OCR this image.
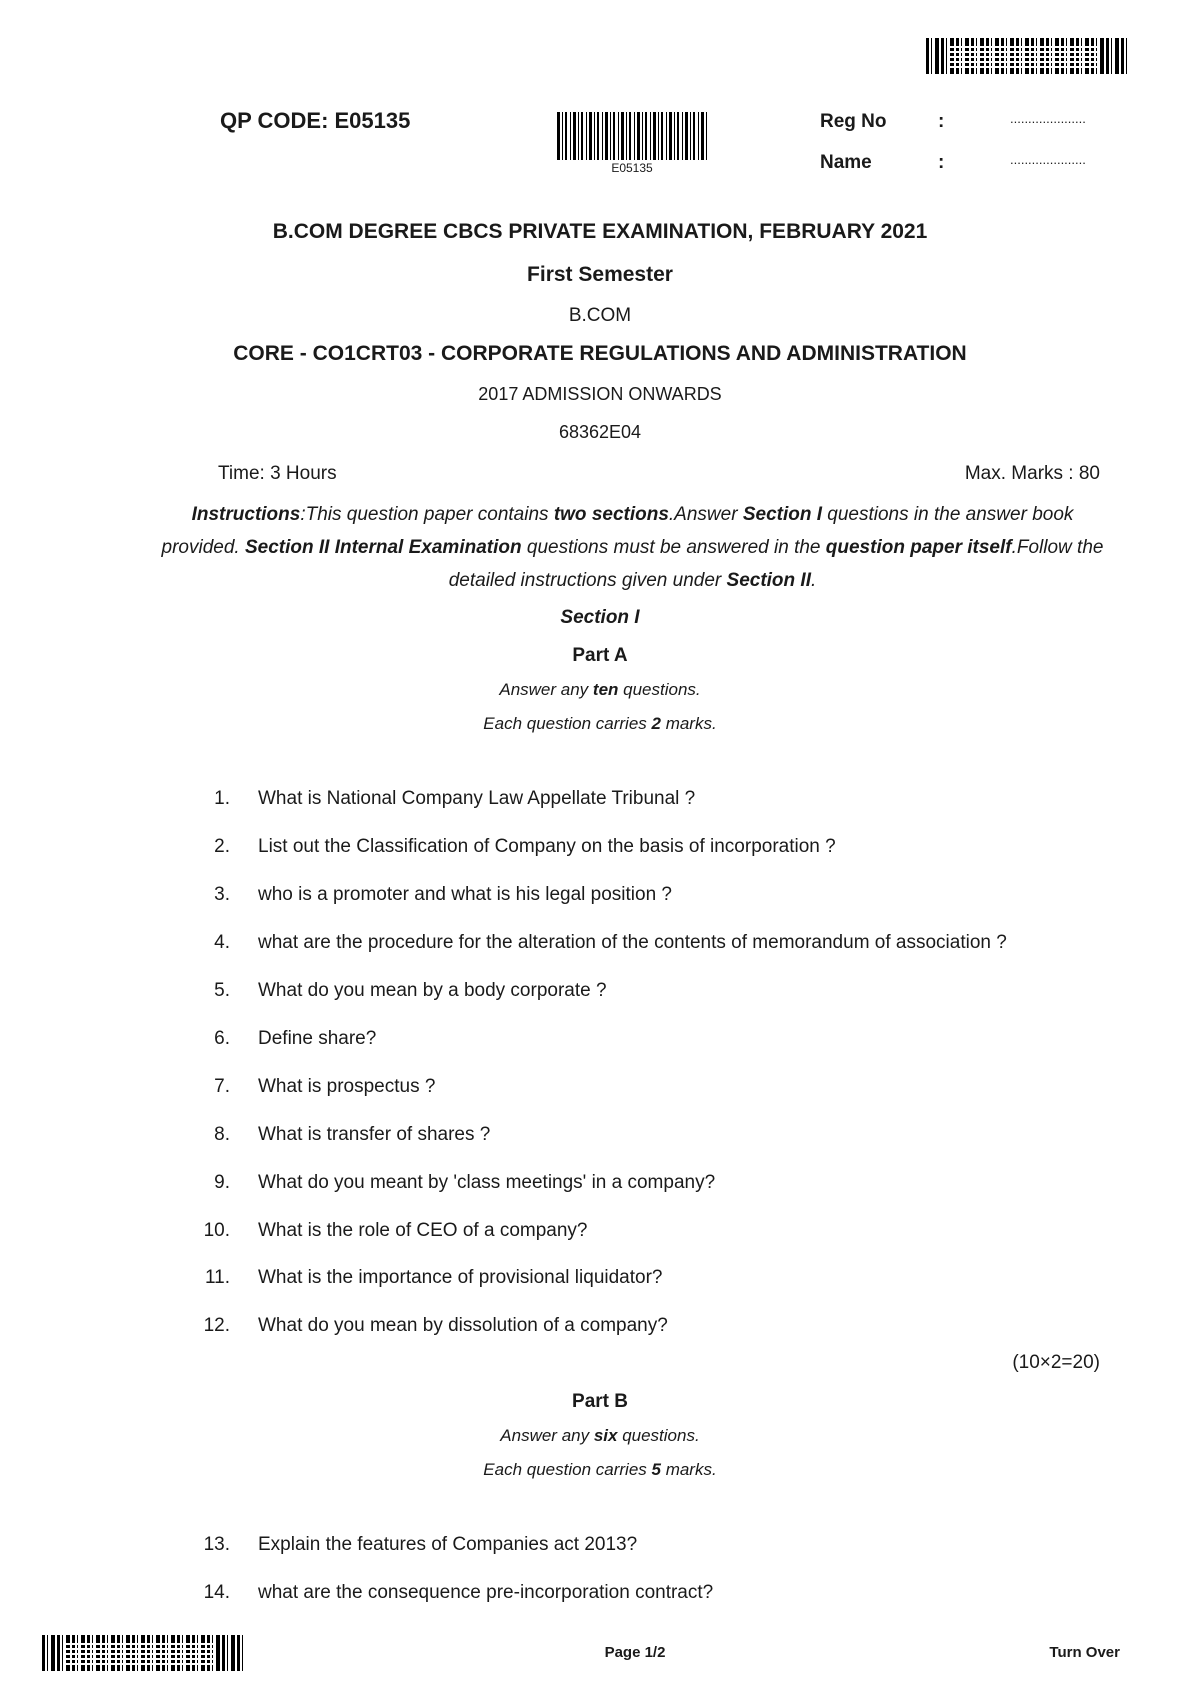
QP CODE: E05135
E05135
Reg No	:	.....................
Name	:	.....................
B.COM DEGREE CBCS PRIVATE EXAMINATION, FEBRUARY 2021
First Semester
B.COM
CORE - CO1CRT03 - CORPORATE REGULATIONS AND ADMINISTRATION
2017 ADMISSION ONWARDS
68362E04
Time: 3 Hours	Max. Marks : 80
Instructions:This question paper contains two sections.Answer Section I questions in the answer book provided. Section II Internal Examination questions must be answered in the question paper itself.Follow the detailed instructions given under Section II.
Section I
Part A
Answer any ten questions.
Each question carries 2 marks.
1. What is National Company Law Appellate Tribunal ?
2. List out the Classification of Company on the basis of incorporation ?
3. who is a promoter and what is his legal position ?
4. what are the procedure for the alteration of the contents of memorandum of association ?
5. What do you mean by a body corporate ?
6. Define share?
7. What is prospectus ?
8. What is transfer of shares ?
9. What do you meant by 'class meetings' in a company?
10. What is the role of CEO of a company?
11. What is the importance of provisional liquidator?
12. What do you mean by dissolution of a company?
(10×2=20)
Part B
Answer any six questions.
Each question carries 5 marks.
13. Explain the features of Companies act 2013?
14. what are the consequence pre-incorporation contract?
Page 1/2	Turn Over
